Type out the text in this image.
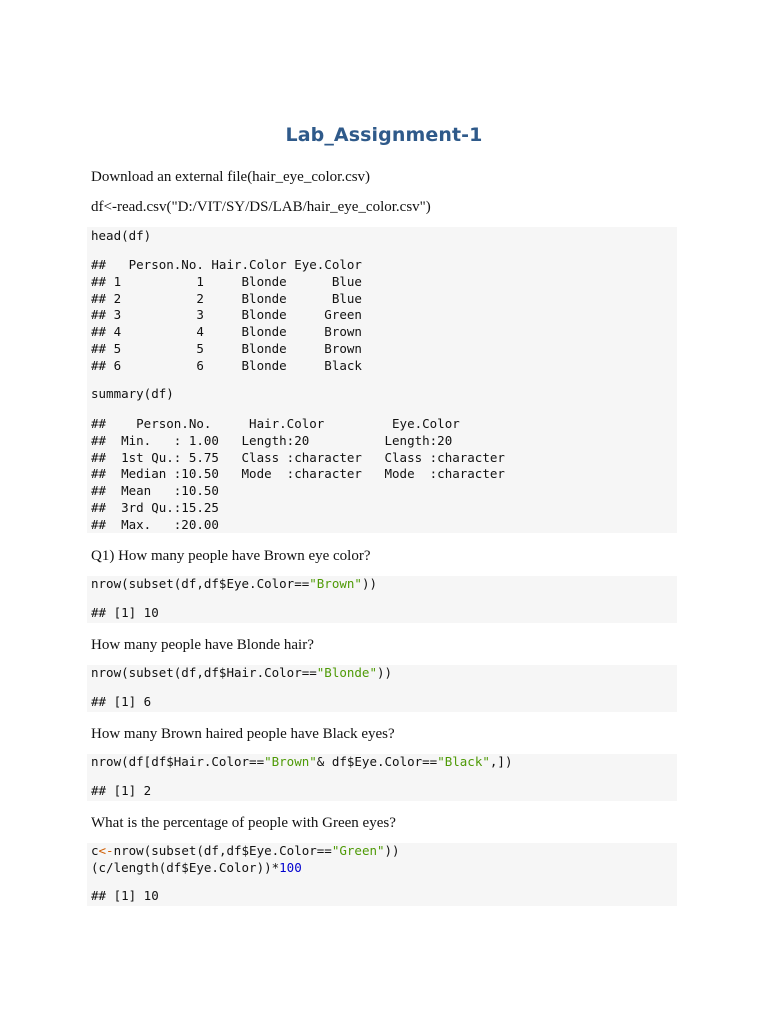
Lab_Assignment-1
Download an external file(hair_eye_color.csv)
df<-read.csv("D:/VIT/SY/DS/LAB/hair_eye_color.csv")
head(df)
##   Person.No. Hair.Color Eye.Color
## 1          1     Blonde      Blue
## 2          2     Blonde      Blue
## 3          3     Blonde     Green
## 4          4     Blonde     Brown
## 5          5     Blonde     Brown
## 6          6     Blonde     Black
summary(df)
##    Person.No.     Hair.Color         Eye.Color
##  Min.   : 1.00   Length:20          Length:20
##  1st Qu.: 5.75   Class :character   Class :character
##  Median :10.50   Mode  :character   Mode  :character
##  Mean   :10.50
##  3rd Qu.:15.25
##  Max.   :20.00
Q1) How many people have Brown eye color?
nrow(subset(df,df$Eye.Color=="Brown"))
## [1] 10
How many people have Blonde hair?
nrow(subset(df,df$Hair.Color=="Blonde"))
## [1] 6
How many Brown haired people have Black eyes?
nrow(df[df$Hair.Color=="Brown"& df$Eye.Color=="Black",])
## [1] 2
What is the percentage of people with Green eyes?
c<-nrow(subset(df,df$Eye.Color=="Green"))
(c/length(df$Eye.Color))*100
## [1] 10
